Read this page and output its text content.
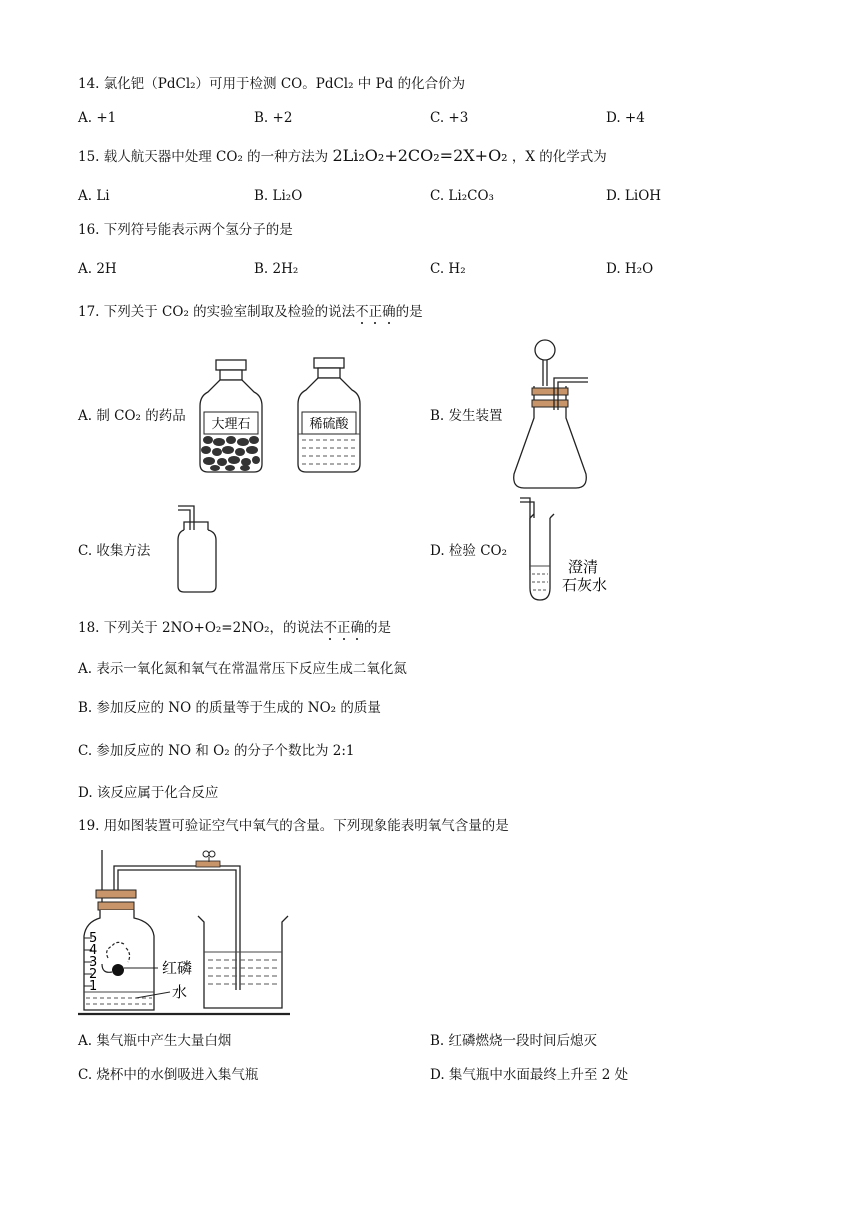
14. 氯化钯（PdCl₂）可用于检测 CO。PdCl₂ 中 Pd 的化合价为
A. +1	B. +2	C. +3	D. +4
15. 载人航天器中处理 CO₂ 的一种方法为 2Li₂O₂+2CO₂=2X+O₂ ，X 的化学式为
A. Li	B. Li₂O	C. Li₂CO₃	D. LiOH
16. 下列符号能表示两个氢分子的是
A. 2H	B. 2H₂	C. H₂	D. H₂O
17. 下列关于 CO₂ 的实验室制取及检验的说法不正确的是
A. 制 CO₂ 的药品
大理石	稀硫酸
B. 发生装置
C. 收集方法	D. 检验 CO₂
澄清
石灰水
18. 下列关于 2NO+O₂=2NO₂，的说法不正确的是
A. 表示一氧化氮和氧气在常温常压下反应生成二氧化氮
B. 参加反应的 NO 的质量等于生成的 NO₂ 的质量
C. 参加反应的 NO 和 O₂ 的分子个数比为 2:1
D. 该反应属于化合反应
19. 用如图装置可验证空气中氧气的含量。下列现象能表明氧气含量的是
5
4
3
2
1
红磷
水
A. 集气瓶中产生大量白烟	B. 红磷燃烧一段时间后熄灭
C. 烧杯中的水倒吸进入集气瓶	D. 集气瓶中水面最终上升至 2 处
